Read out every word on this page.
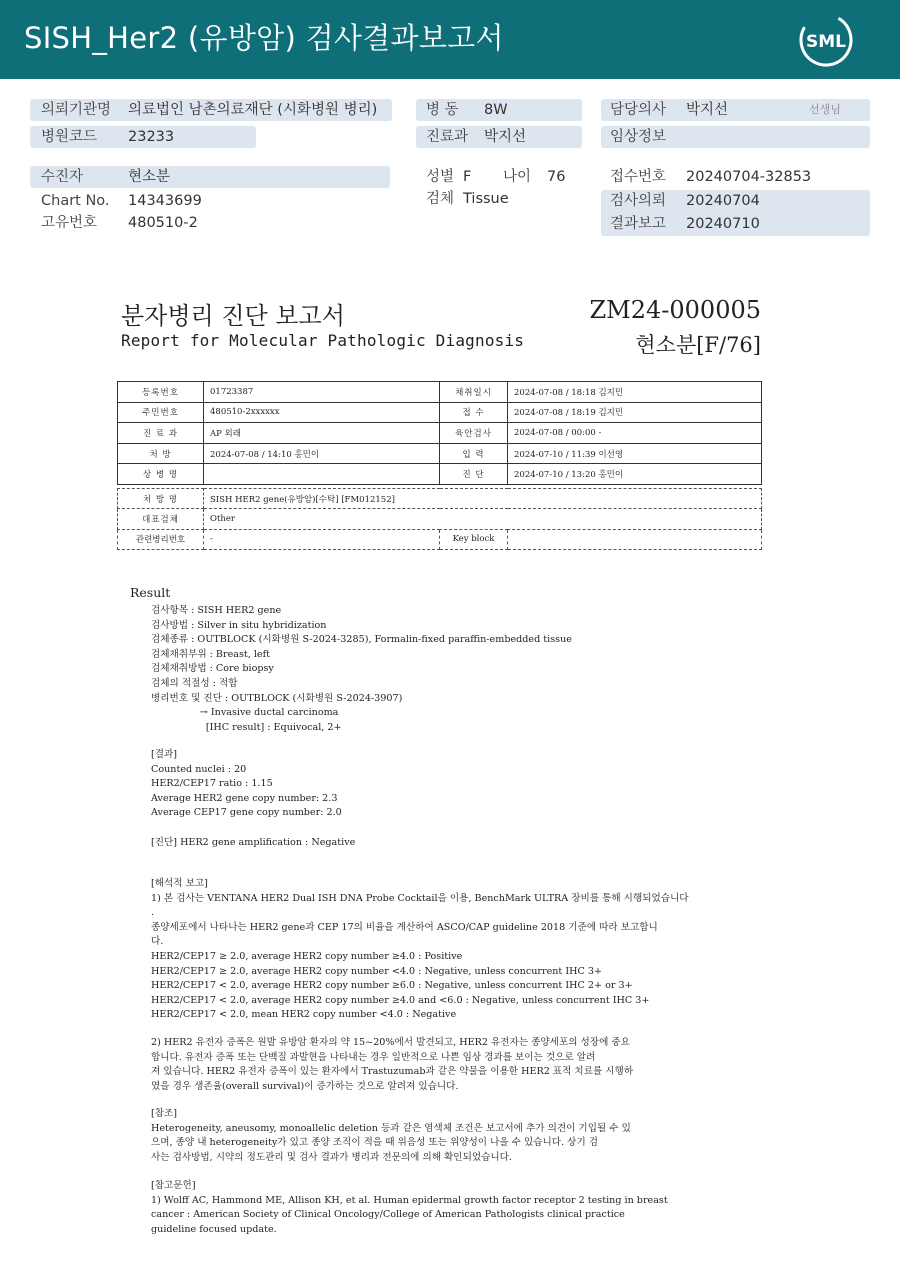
SISH_Her2 (유방암) 검사결과보고서	SML
의뢰기관명 의료법인 남촌의료재단 (시화병원 병리)
병원코드 23233
병 동 8W
진료과 박지선
담당의사 박지선	선생님
임상정보
수진자	현소분
Chart No. 14343699
고유번호 480510-2
성별 F 나이 76
검체 Tissue
접수번호 20240704-32853
검사의뢰 20240704
결과보고 20240710
분자병리 진단 보고서
Report for Molecular Pathologic Diagnosis
ZM24-000005
현소분[F/76]
등록번호	01723387	채취일시	2024-07-08 / 18:18 김지민
주민번호	480510-2xxxxxx	접 수	2024-07-08 / 18:19 김지민
진 료 과	AP 외래	육안검사	2024-07-08 / 00:00 -
처 방	2024-07-08 / 14:10 홍민이	입 력	2024-07-10 / 11:39 이선영
상 병 명		진 단	2024-07-10 / 13:20 홍민이
처 방 명	SISH HER2 gene(유방암)[수탁] [FM012152]		
대표검체	Other		
관련병리번호	-	Key block	
Result
검사항목 : SISH HER2 gene
검사방법 : Silver in situ hybridization
검체종류 : OUTBLOCK (시화병원 S-2024-3285), Formalin-fixed paraffin-embedded tissue
검체채취부위 : Breast, left
검체채취방법 : Core biopsy
검체의 적절성 : 적합
병리번호 및 진단 : OUTBLOCK (시화병원 S-2024-3907)
→ Invasive ductal carcinoma
[IHC result] : Equivocal, 2+
[결과]
Counted nuclei : 20
HER2/CEP17 ratio : 1.15
Average HER2 gene copy number: 2.3
Average CEP17 gene copy number: 2.0

[진단] HER2 gene amplification : Negative
[해석적 보고]
1) 본 검사는 VENTANA HER2 Dual ISH DNA Probe Cocktail을 이용, BenchMark ULTRA 장비를 통해 시행되었습니다
.
종양세포에서 나타나는 HER2 gene과 CEP 17의 비율을 계산하여 ASCO/CAP guideline 2018 기준에 따라 보고합니
다.
HER2/CEP17 ≥ 2.0, average HER2 copy number ≥4.0 : Positive
HER2/CEP17 ≥ 2.0, average HER2 copy number <4.0 : Negative, unless concurrent IHC 3+
HER2/CEP17 < 2.0, average HER2 copy number ≥6.0 : Negative, unless concurrent IHC 2+ or 3+
HER2/CEP17 < 2.0, average HER2 copy number ≥4.0 and <6.0 : Negative, unless concurrent IHC 3+
HER2/CEP17 < 2.0, mean HER2 copy number <4.0 : Negative
2) HER2 유전자 증폭은 원발 유방암 환자의 약 15~20%에서 발견되고, HER2 유전자는 종양세포의 성장에 중요
합니다. 유전자 증폭 또는 단백질 과발현을 나타내는 경우 일반적으로 나쁜 임상 경과를 보이는 것으로 알려
져 있습니다. HER2 유전자 증폭이 있는 환자에서 Trastuzumab과 같은 약물을 이용한 HER2 표적 치료를 시행하
였을 경우 생존율(overall survival)이 증가하는 것으로 알려져 있습니다.
[참조]
Heterogeneity, aneusomy, monoallelic deletion 등과 같은 염색체 조건은 보고서에 추가 의견이 기입될 수 있
으며, 종양 내 heterogeneity가 있고 종양 조직이 적을 때 위음성 또는 위양성이 나올 수 있습니다. 상기 검
사는 검사방법, 시약의 정도관리 및 검사 결과가 병리과 전문의에 의해 확인되었습니다.
[참고문헌]
1) Wolff AC, Hammond ME, Allison KH, et al. Human epidermal growth factor receptor 2 testing in breast
cancer : American Society of Clinical Oncology/College of American Pathologists clinical practice
guideline focused update.
